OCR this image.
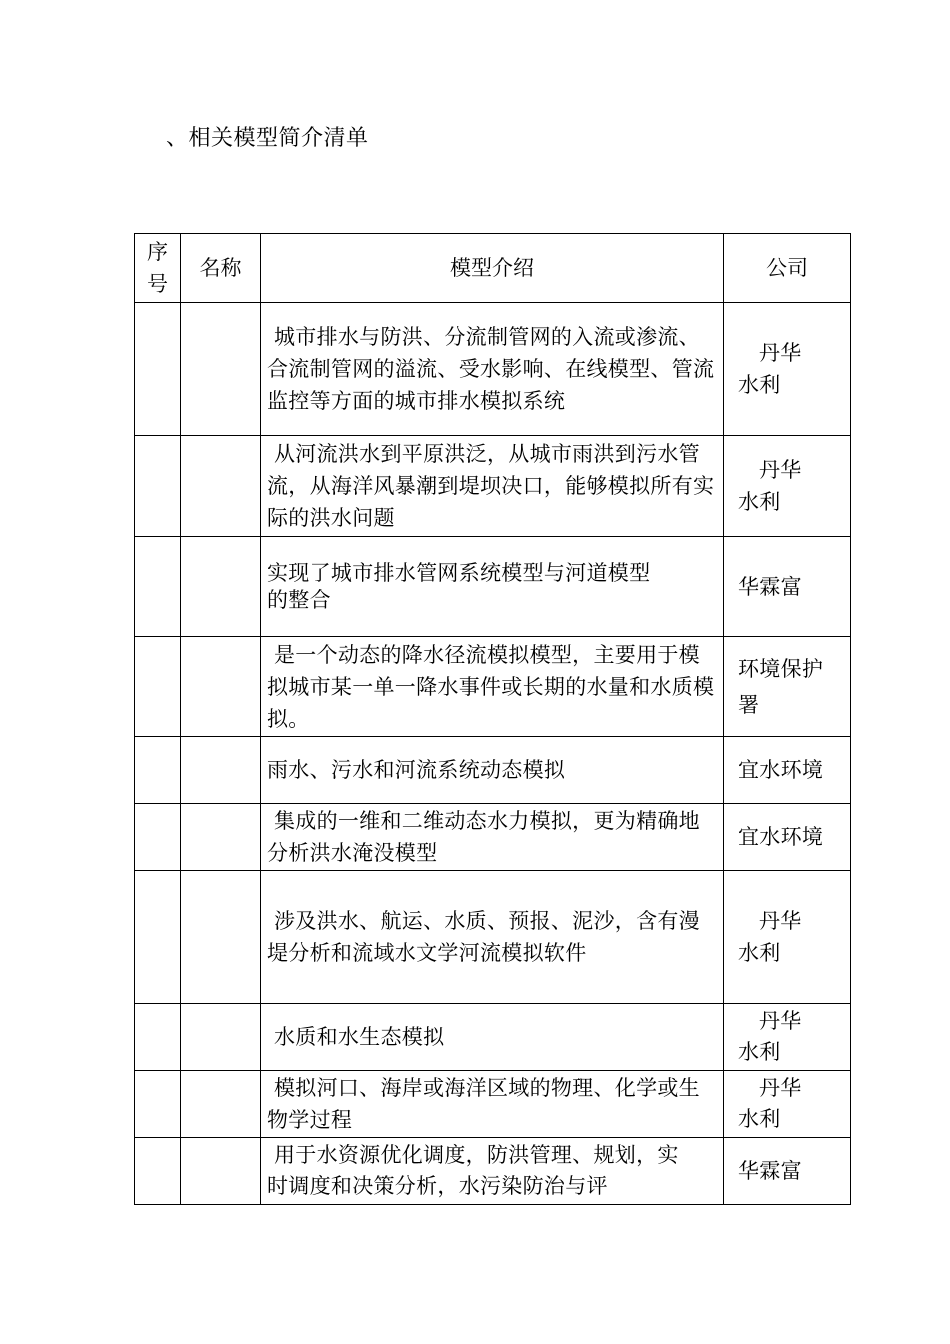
、相关模型简介清单
序号	名称	模型介绍	公司
		城市排水与防洪、分流制管网的入流或渗流、合流制管网的溢流、受水影响、在线模型、管流监控等方面的城市排水模拟系统	丹华水利

		从河流洪水到平原洪泛，从城市雨洪到污水管流，从海洋风暴潮到堤坝决口，能够模拟所有实际的洪水问题	丹华水利

		实现了城市排水管网系统模型与河道模型的整合	华霖富

		是一个动态的降水径流模拟模型，主要用于模拟城市某一单一降水事件或长期的水量和水质模拟。	环境保护署

		雨水、污水和河流系统动态模拟	宜水环境

		集成的一维和二维动态水力模拟，更为精确地分析洪水淹没模型	宜水环境

		涉及洪水、航运、水质、预报、泥沙，含有漫堤分析和流域水文学河流模拟软件	丹华水利

		水质和水生态模拟	丹华水利

		模拟河口、海岸或海洋区域的物理、化学或生物学过程	丹华水利

		用于水资源优化调度，防洪管理、规划，实时调度和决策分析，水污染防治与评	华霖富
